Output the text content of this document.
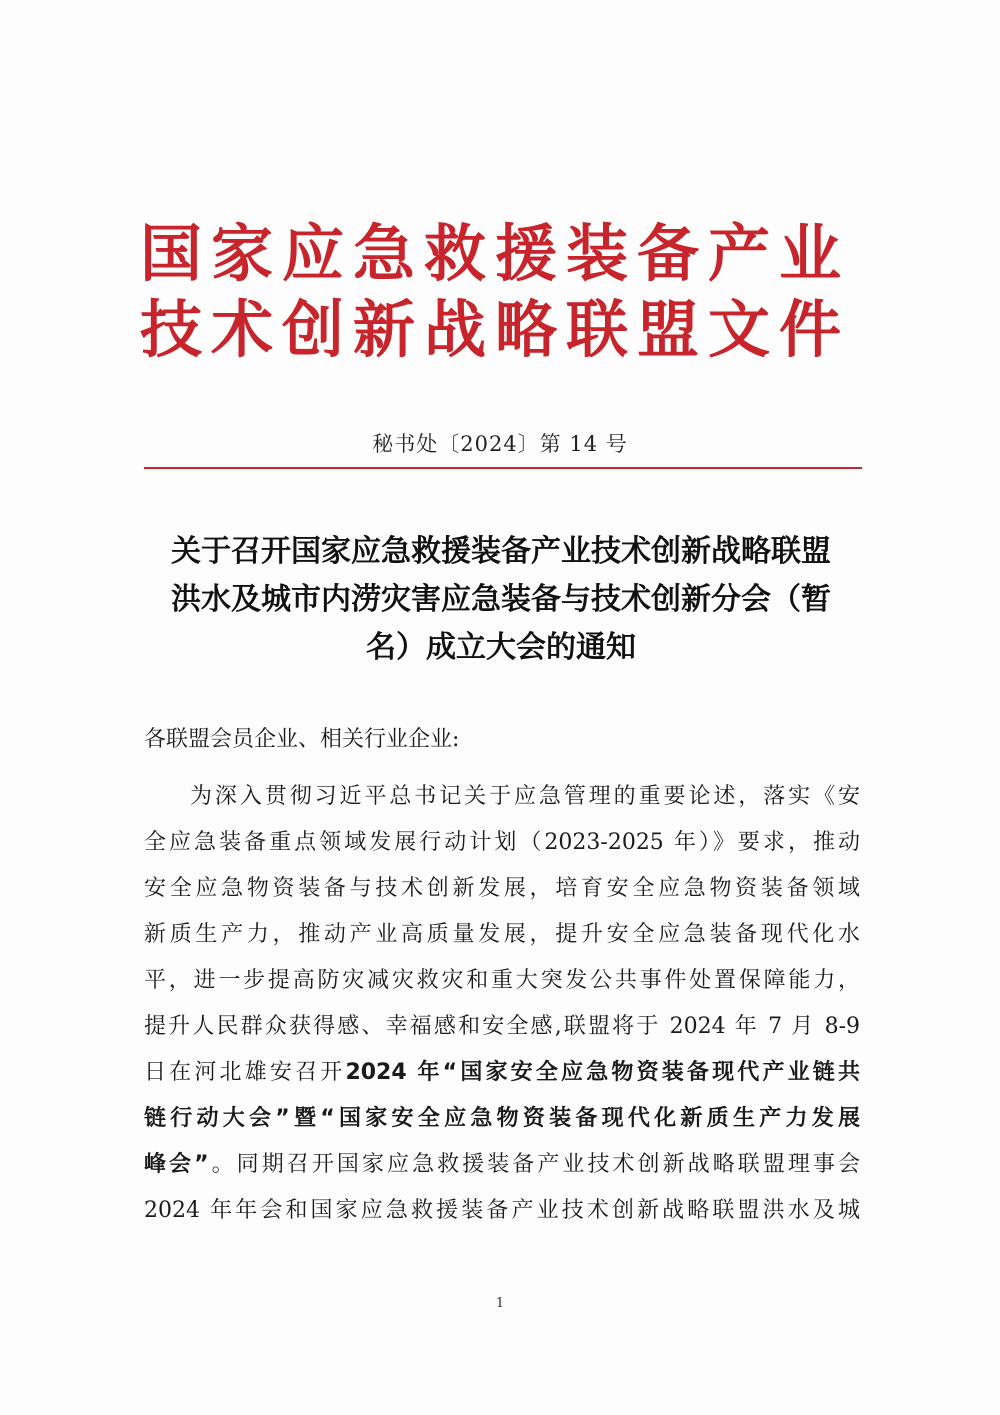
国家应急救援装备产业
技术创新战略联盟文件
秘书处〔2024〕第 14 号
关于召开国家应急救援装备产业技术创新战略联盟
洪水及城市内涝灾害应急装备与技术创新分会（暂
名）成立大会的通知
各联盟会员企业、相关行业企业:
为深入贯彻习近平总书记关于应急管理的重要论述，落实《安
全应急装备重点领域发展行动计划（2023-2025 年）》要求，推动
安全应急物资装备与技术创新发展，培育安全应急物资装备领域
新质生产力，推动产业高质量发展，提升安全应急装备现代化水
平，进一步提高防灾减灾救灾和重大突发公共事件处置保障能力，
提升人民群众获得感、幸福感和安全感,联盟将于 2024 年 7 月 8-9
日在河北雄安召开2024 年“国家安全应急物资装备现代产业链共
链行动大会”暨“国家安全应急物资装备现代化新质生产力发展
峰会”。同期召开国家应急救援装备产业技术创新战略联盟理事会
2024 年年会和国家应急救援装备产业技术创新战略联盟洪水及城
1
